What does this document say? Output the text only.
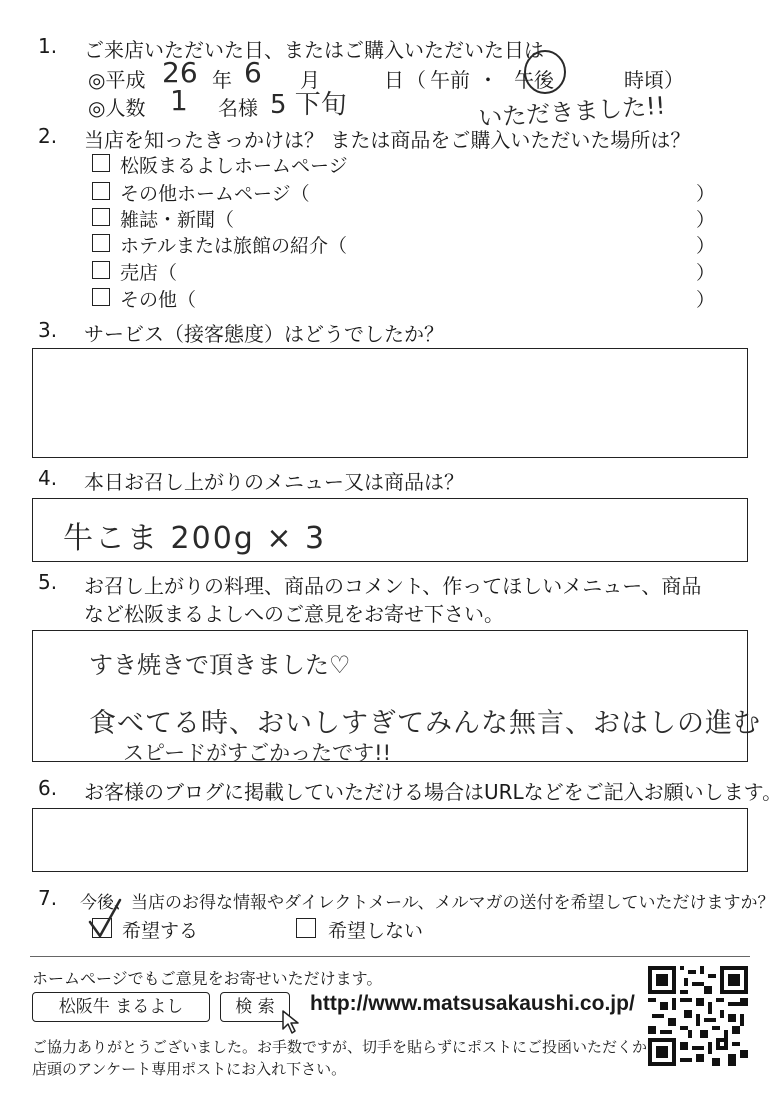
1. ご来店いただいた日、またはご購入いただいた日は
◎平成 26 年 6 月	日 （ 午前 ・ 午後	時頃）
◎人数 1 名様 5 下旬	いただきました!!
2. 当店を知ったきっかけは？ または商品をご購入いただいた場所は？
松阪まるよしホームページ
その他ホームページ（	）
雑誌・新聞（	）
ホテルまたは旅館の紹介（	）
売店（	）
その他（	）
3. サービス（接客態度）はどうでしたか？
4. 本日お召し上がりのメニュー又は商品は？
牛こま 200g × 3
5. お召し上がりの料理、商品のコメント、作ってほしいメニュー、商品
など松阪まるよしへのご意見をお寄せ下さい。
すき焼きで頂きました♡
食べてる時、おいしすぎてみんな無言、おはしの進む
スピードがすごかったです!!
6. お客様のブログに掲載していただける場合はURLなどをご記入お願いします。
7. 今後、当店のお得な情報やダイレクトメール、メルマガの送付を希望していただけますか？
希望する	希望しない
ホームページでもご意見をお寄せいただけます。
松阪牛 まるよし	検 索	http://www.matsusakaushi.co.jp/
ご協力ありがとうございました。お手数ですが、切手を貼らずにポストにご投函いただくか
店頭のアンケート専用ポストにお入れ下さい。
